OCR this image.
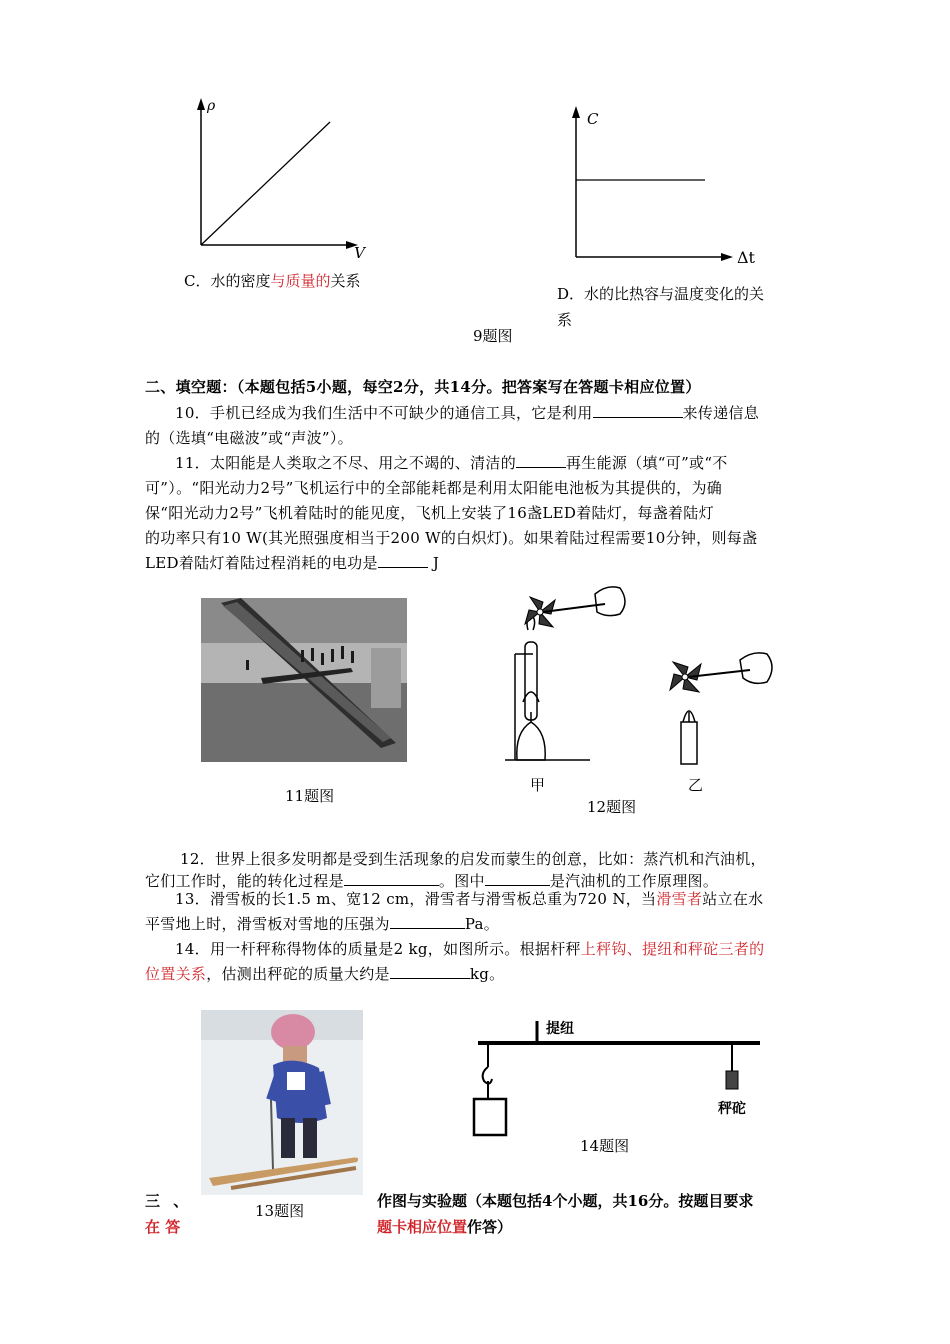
ρ
V
C
Δt
C．水的密度与质量的关系
D．水的比热容与温度变化的关
系
9题图
二、填空题：（本题包括5小题，每空2分，共14分。把答案写在答题卡相应位置）
10．手机已经成为我们生活中不可缺少的通信工具，它是利用	来传递信息
的（选填“电磁波”或“声波”）。
11．太阳能是人类取之不尽、用之不竭的、清洁的	再生能源（填“可”或“不
可”）。“阳光动力2号”飞机运行中的全部能耗都是利用太阳能电池板为其提供的，为确
保“阳光动力2号”飞机着陆时的能见度，飞机上安装了16盏LED着陆灯，每盏着陆灯
的功率只有10 W(其光照强度相当于200 W的白炽灯)。如果着陆过程需要10分钟，则每盏
LED着陆灯着陆过程消耗的电功是	J
11题图
甲	乙
12题图
12．世界上很多发明都是受到生活现象的启发而蒙生的创意，比如：蒸汽机和汽油机，
它们工作时，能的转化过程是	。图中	是汽油机的工作原理图。
13．滑雪板的长1.5 m、宽12 cm，滑雪者与滑雪板总重为720 N，当滑雪者站立在水
平雪地上时，滑雪板对雪地的压强为	Pa。
14．用一杆秤称得物体的质量是2 kg，如图所示。根据杆秤上秤钩、提纽和秤砣三者的
位置关系，估测出秤砣的质量大约是	kg。
13题图
提纽
秤砣
14题图
三 、
在 答
作图与实验题（本题包括4个小题，共16分。按题目要求
题卡相应位置作答）
